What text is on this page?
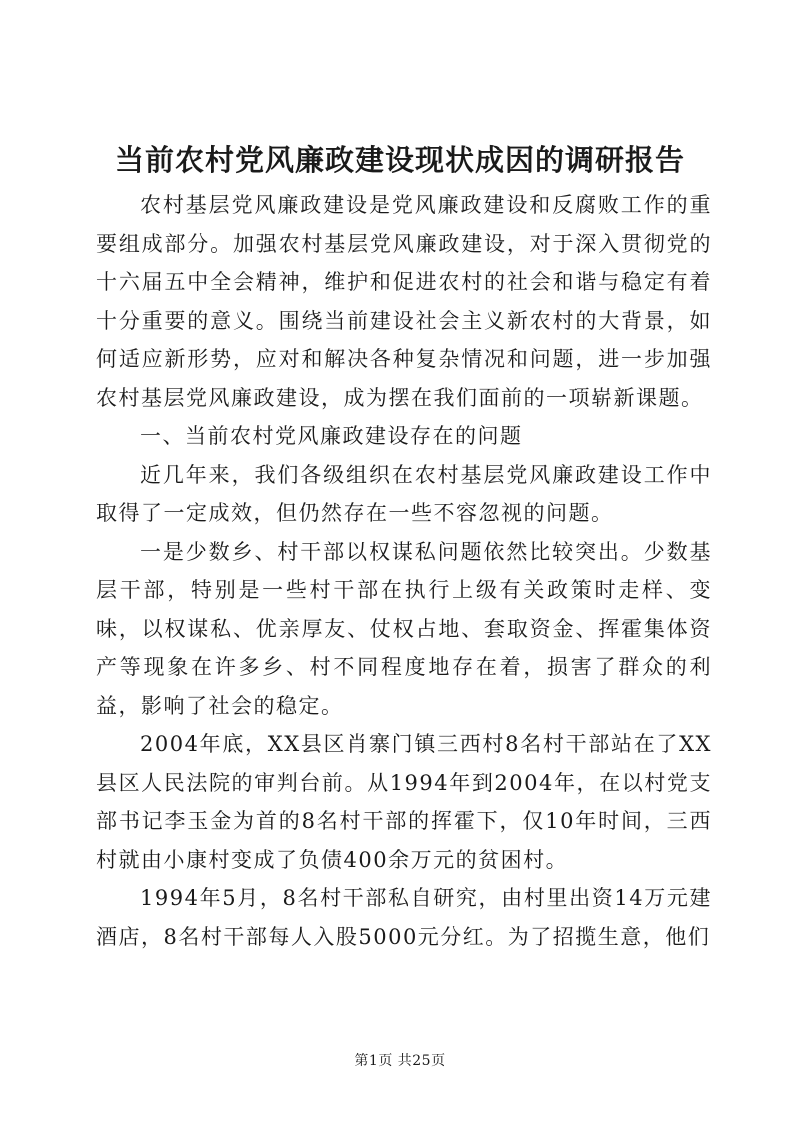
当前农村党风廉政建设现状成因的调研报告

农村基层党风廉政建设是党风廉政建设和反腐败工作的重要组成部分。加强农村基层党风廉政建设，对于深入贯彻党的十六届五中全会精神，维护和促进农村的社会和谐与稳定有着十分重要的意义。围绕当前建设社会主义新农村的大背景，如何适应新形势，应对和解决各种复杂情况和问题，进一步加强农村基层党风廉政建设，成为摆在我们面前的一项崭新课题。

一、当前农村党风廉政建设存在的问题

近几年来，我们各级组织在农村基层党风廉政建设工作中取得了一定成效，但仍然存在一些不容忽视的问题。

一是少数乡、村干部以权谋私问题依然比较突出。少数基层干部，特别是一些村干部在执行上级有关政策时走样、变味，以权谋私、优亲厚友、仗权占地、套取资金、挥霍集体资产等现象在许多乡、村不同程度地存在着，损害了群众的利益，影响了社会的稳定。

2004年底，XX县区肖寨门镇三西村8名村干部站在了XX县区人民法院的审判台前。从1994年到2004年，在以村党支部书记李玉金为首的8名村干部的挥霍下，仅10年时间，三西村就由小康村变成了负债400余万元的贫困村。

1994年5月，8名村干部私自研究，由村里出资14万元建酒店，8名村干部每人入股5000元分红。为了招揽生意，他们

第1页 共25页
